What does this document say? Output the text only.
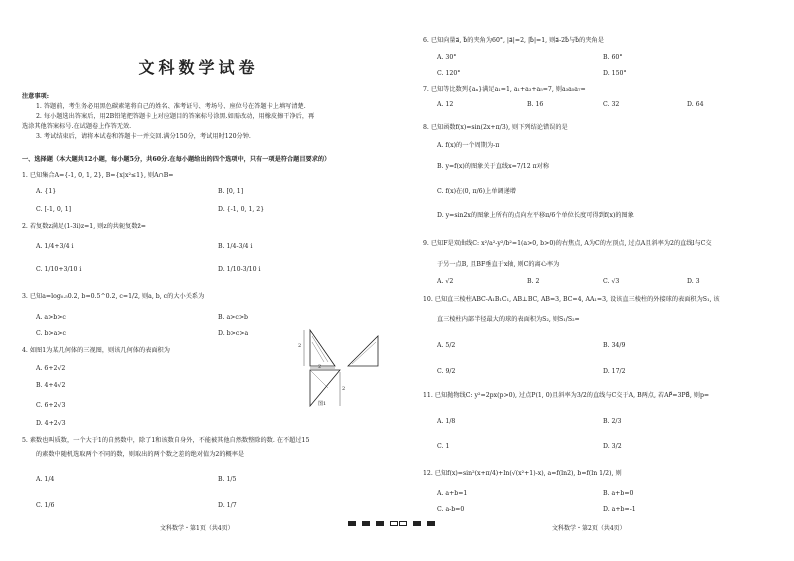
文科数学试卷
注意事项:
1. 答题前，考生务必用黑色碳素笔将自己的姓名、准考证号、考场号、座位号在答题卡上填写清楚.
2. 每小题选出答案后，用2B铅笔把答题卡上对应题目的答案标号涂黑.如需改动，用橡皮擦干净后，再
选涂其他答案标号.在试题卷上作答无效.
3. 考试结束后，请将本试卷和答题卡一并交回.满分150分，考试用时120分钟.
一、选择题（本大题共12小题，每小题5分，共60分.在每小题给出的四个选项中，只有一项是符合题目要求的）
1. 已知集合A={-1, 0, 1, 2}, B={x|x²≤1}, 则A∩B=
A. {1}	B. [0, 1]
C. [-1, 0, 1]	D. {-1, 0, 1, 2}
2. 若复数z满足(1-3i)z=1, 则z的共轭复数z̄=
A. 1/4+3/4 i	B. 1/4-3/4 i
C. 1/10+3/10 i	D. 1/10-3/10 i
3. 已知a=log₀.₅0.2, b=0.5^0.2, c=1/2, 则a, b, c的大小关系为
A. a>b>c	B. a>c>b
C. b>a>c	D. b>c>a
4. 如图1为某几何体的三视图，则该几何体的表面积为
A. 6+2√2
B. 4+4√2
C. 6+2√3
D. 4+2√3
2
2
2
图1
5. 素数也叫质数，一个大于1的自然数中，除了1和该数自身外，不能被其他自然数整除的数. 在不超过15
的素数中随机选取两个不同的数，则取出的两个数之差的绝对值为2的概率是
A. 1/4	B. 1/5
C. 1/6	D. 1/7
文科数学・第1页（共4页）
6. 已知向量a⃗, b⃗的夹角为60°, |a⃗|=2, |b⃗|=1, 则a⃗-2b⃗与b⃗的夹角是
A. 30°	B. 60°
C. 120°	D. 150°
7. 已知等比数列{aₙ}满足a₁=1, a₁+a₃+a₅=7, 则a₃a₅a₇=
A. 12	B. 16	C. 32	D. 64
8. 已知函数f(x)=sin(2x+π/3), 则下列结论错误的是
A. f(x)的一个周期为-π
B. y=f(x)的图象关于直线x=7/12 π对称
C. f(x)在(0, π/6)上单调递增
D. y=sin2x的图象上所有的点向左平移π/6个单位长度可得到f(x)的图象
9. 已知F是双曲线C: x²/a²-y²/b²=1(a>0, b>0)的右焦点, A为C的左顶点, 过点A且斜率为2的直线l与C交
于另一点B, 且BF垂直于x轴, 则C的离心率为
A. √2	B. 2	C. √3	D. 3
10. 已知直三棱柱ABC-A₁B₁C₁, AB⊥BC, AB=3, BC=4, AA₁=3, 设该直三棱柱的外接球的表面积为S₁, 该
直三棱柱内部半径最大的球的表面积为S₂, 则S₁/S₂=
A. 5/2	B. 34/9
C. 9/2	D. 17/2
11. 已知抛物线C: y²=2px(p>0), 过点P(1, 0)且斜率为3/2的直线与C交于A, B两点, 若AP⃗=3PB⃗, 则p=
A. 1/8	B. 2/3
C. 1	D. 3/2
12. 已知f(x)=sin²(x+π/4)+ln(√(x²+1)-x), a=f(ln2), b=f(ln 1/2), 则
A. a+b=1	B. a+b=0
C. a-b=0	D. a+b=-1
文科数学・第2页（共4页）
